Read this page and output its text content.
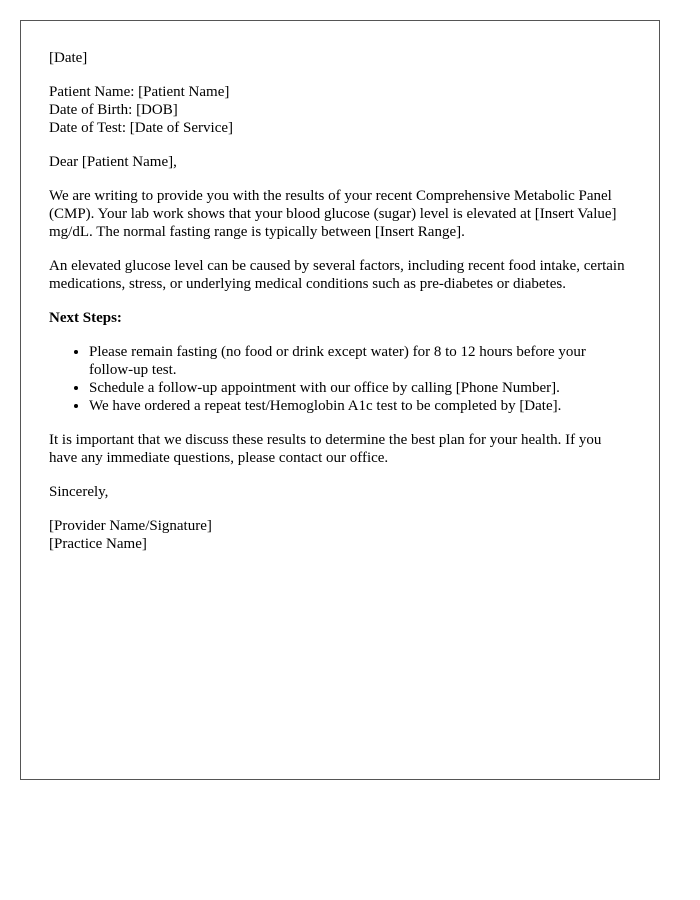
[Date]

Patient Name: [Patient Name]
Date of Birth: [DOB]
Date of Test: [Date of Service]

Dear [Patient Name],

We are writing to provide you with the results of your recent Comprehensive Metabolic Panel (CMP). Your lab work shows that your blood glucose (sugar) level is elevated at [Insert Value] mg/dL. The normal fasting range is typically between [Insert Range].

An elevated glucose level can be caused by several factors, including recent food intake, certain medications, stress, or underlying medical conditions such as pre-diabetes or diabetes.

Next Steps:
• Please remain fasting (no food or drink except water) for 8 to 12 hours before your follow-up test.
• Schedule a follow-up appointment with our office by calling [Phone Number].
• We have ordered a repeat test/Hemoglobin A1c test to be completed by [Date].

It is important that we discuss these results to determine the best plan for your health. If you have any immediate questions, please contact our office.

Sincerely,

[Provider Name/Signature]
[Practice Name]
